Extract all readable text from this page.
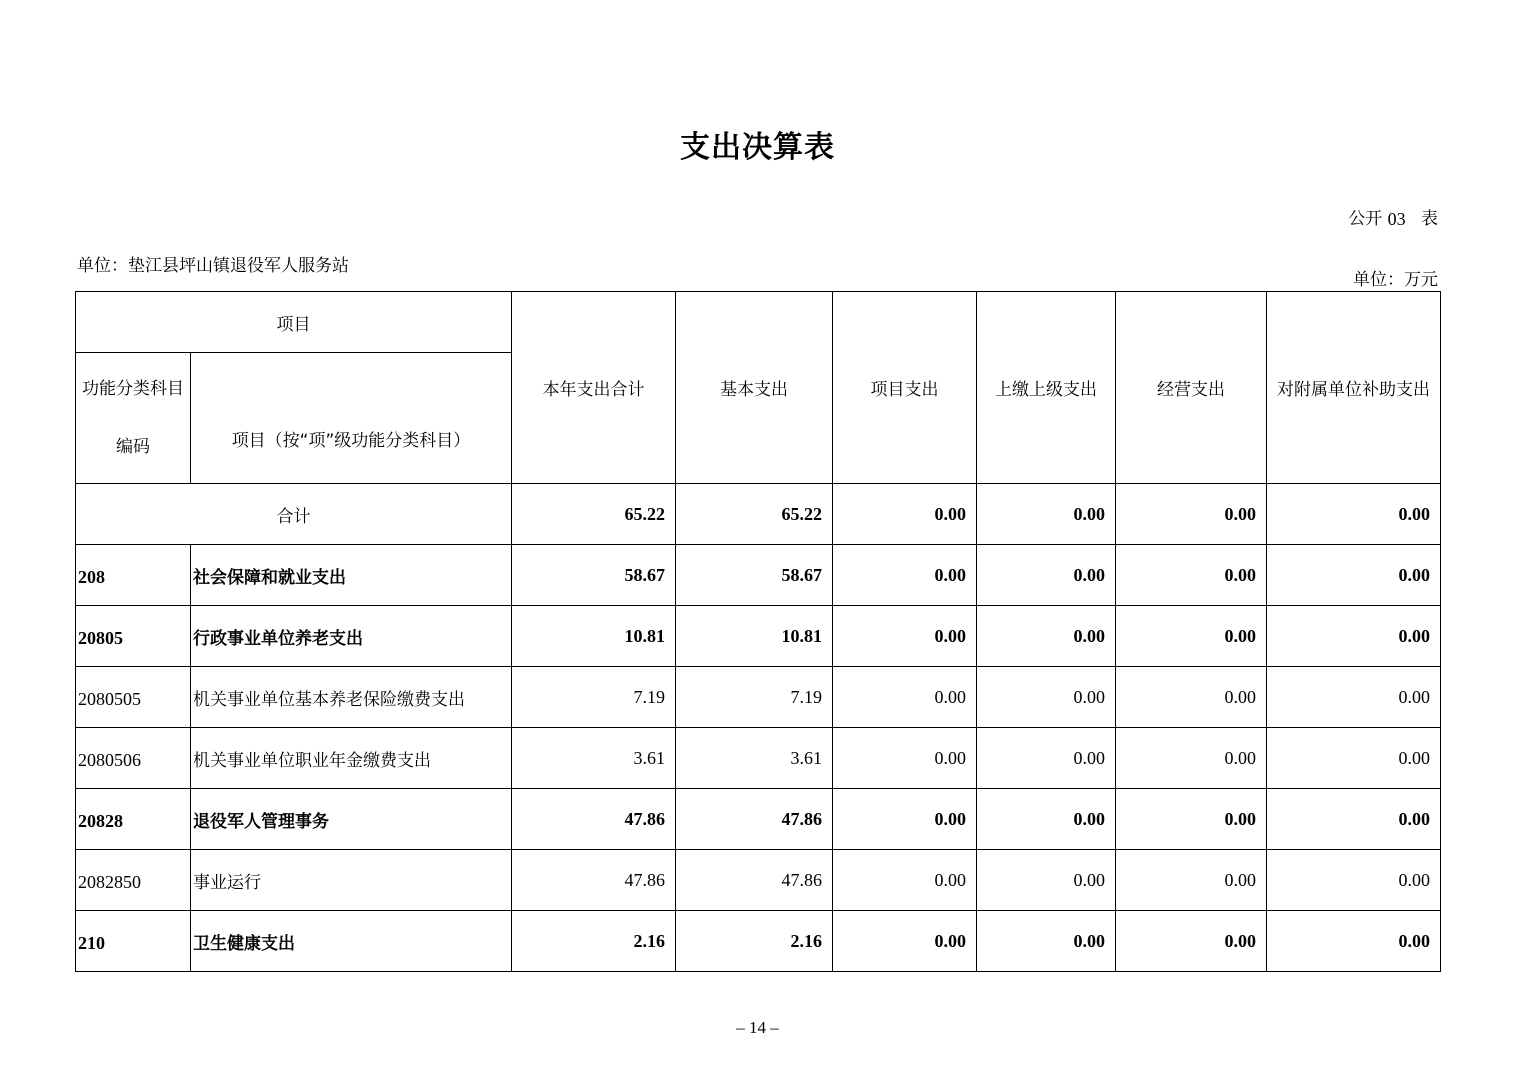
支出决算表
公开 03 表
单位：垫江县坪山镇退役军人服务站
单位：万元
项目		本年支出合计	基本支出	项目支出	上缴上级支出	经营支出	对附属单位补助支出

功能分类科目
编码	项目（按“项”级功能分类科目）						

合计		65.22	65.22	0.00	0.00	0.00	0.00
208	社会保障和就业支出	58.67	58.67	0.00	0.00	0.00	0.00
20805	行政事业单位养老支出	10.81	10.81	0.00	0.00	0.00	0.00
2080505	机关事业单位基本养老保险缴费支出	7.19	7.19	0.00	0.00	0.00	0.00
2080506	机关事业单位职业年金缴费支出	3.61	3.61	0.00	0.00	0.00	0.00
20828	退役军人管理事务	47.86	47.86	0.00	0.00	0.00	0.00
2082850	事业运行	47.86	47.86	0.00	0.00	0.00	0.00
210	卫生健康支出	2.16	2.16	0.00	0.00	0.00	0.00
– 14 –
